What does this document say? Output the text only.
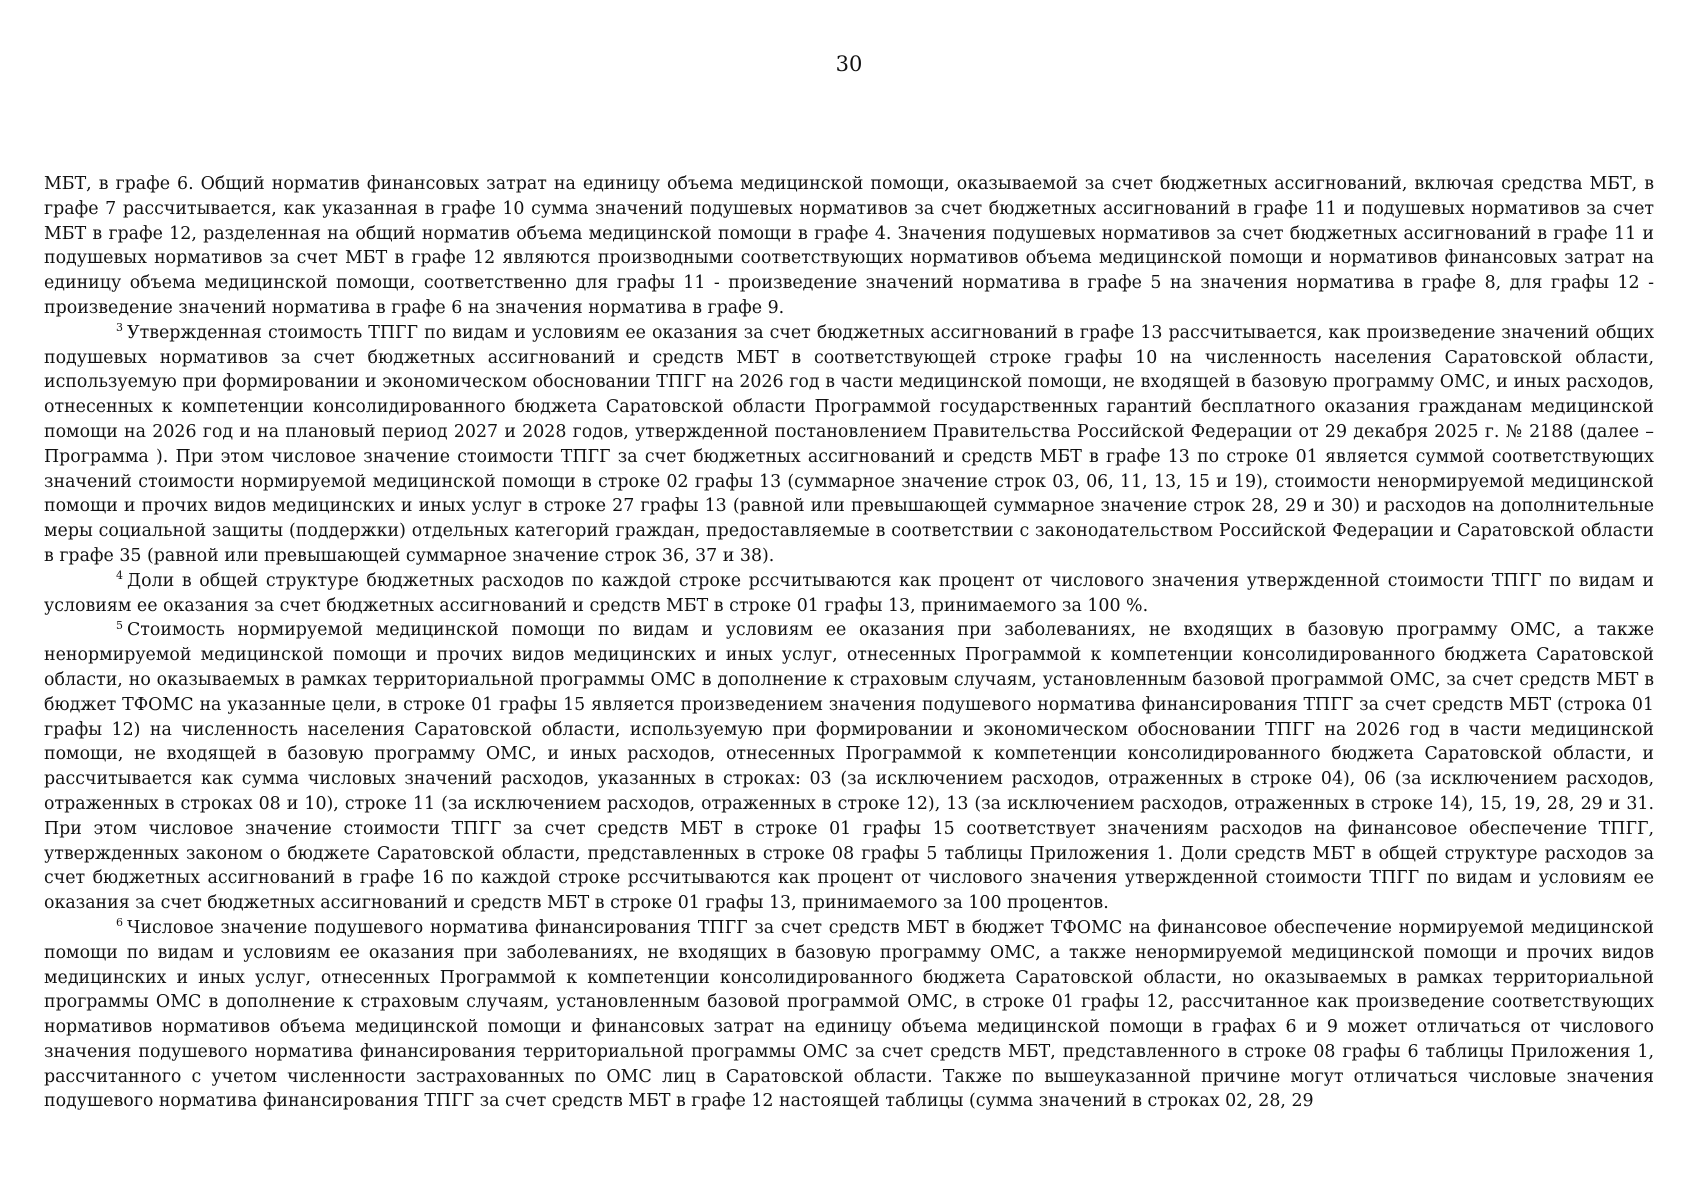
30

МБТ, в графе 6. Общий норматив финансовых затрат на единицу объема медицинской помощи, оказываемой за счет бюджетных ассигнований, включая средства МБТ, в графе 7 рассчитывается, как указанная в графе 10 сумма значений подушевых нормативов за счет бюджетных ассигнований в графе 11 и подушевых нормативов за счет МБТ в графе 12, разделенная на общий норматив объема медицинской помощи в графе 4. Значения подушевых нормативов за счет бюджетных ассигнований в графе 11 и подушевых нормативов за счет МБТ в графе 12 являются производными соответствующих нормативов объема медицинской помощи и нормативов финансовых затрат на единицу объема медицинской помощи, соответственно для графы 11 - произведение значений норматива в графе 5 на значения норматива в графе 8, для графы 12 - произведение значений норматива в графе 6 на значения норматива в графе 9.

$^3$ Утвержденная стоимость ТПГГ по видам и условиям ее оказания за счет бюджетных ассигнований в графе 13 рассчитывается, как произведение значений общих подушевых нормативов за счет бюджетных ассигнований и средств МБТ в соответствующей строке графы 10 на численность населения Саратовской области, используемую при формировании и экономическом обосновании ТПГГ на 2026 год в части медицинской помощи, не входящей в базовую программу ОМС, и иных расходов, отнесенных к компетенции консолидированного бюджета Саратовской области Программой государственных гарантий бесплатного оказания гражданам медицинской помощи на 2026 год и на плановый период 2027 и 2028 годов, утвержденной постановлением Правительства Российской Федерации от 29 декабря 2025 г. № 2188 (далее – Программа ). При этом числовое значение стоимости ТПГГ за счет бюджетных ассигнований и средств МБТ в графе 13 по строке 01 является суммой соответствующих значений стоимости нормируемой медицинской помощи в строке 02 графы 13 (суммарное значение строк 03, 06, 11, 13, 15 и 19), стоимости ненормируемой медицинской помощи и прочих видов медицинских и иных услуг в строке 27 графы 13 (равной или превышающей суммарное значение строк 28, 29 и 30) и расходов на дополнительные меры социальной защиты (поддержки) отдельных категорий граждан, предоставляемые в соответствии с законодательством Российской Федерации и Саратовской области в графе 35 (равной или превышающей суммарное значение строк 36, 37 и 38).

$^4$ Доли в общей структуре бюджетных расходов по каждой строке рссчитываются как процент от числового значения утвержденной стоимости ТПГГ по видам и условиям ее оказания за счет бюджетных ассигнований и средств МБТ в строке 01 графы 13, принимаемого за 100 %.

$^5$ Стоимость нормируемой медицинской помощи по видам и условиям ее оказания при заболеваниях, не входящих в базовую программу ОМС, а также ненормируемой медицинской помощи и прочих видов медицинских и иных услуг, отнесенных Программой к компетенции консолидированного бюджета Саратовской области, но оказываемых в рамках территориальной программы ОМС в дополнение к страховым случаям, установленным базовой программой ОМС, за счет средств МБТ в бюджет ТФОМС на указанные цели, в строке 01 графы 15 является произведением значения подушевого норматива финансирования ТПГГ за счет средств МБТ (строка 01 графы 12) на численность населения Саратовской области, используемую при формировании и экономическом обосновании ТПГГ на 2026 год в части медицинской помощи, не входящей в базовую программу ОМС, и иных расходов, отнесенных Программой к компетенции консолидированного бюджета Саратовской области, и рассчитывается как сумма числовых значений расходов, указанных в строках: 03 (за исключением расходов, отраженных в строке 04), 06 (за исключением расходов, отраженных в строках 08 и 10), строке 11 (за исключением расходов, отраженных в строке 12), 13 (за исключением расходов, отраженных в строке 14), 15, 19, 28, 29 и 31. При этом числовое значение стоимости ТПГГ за счет средств МБТ в строке 01 графы 15 соответствует значениям расходов на финансовое обеспечение ТПГГ, утвержденных законом о бюджете Саратовской области, представленных в строке 08 графы 5 таблицы Приложения 1. Доли средств МБТ в общей структуре расходов за счет бюджетных ассигнований в графе 16 по каждой строке рссчитываются как процент от числового значения утвержденной стоимости ТПГГ по видам и условиям ее оказания за счет бюджетных ассигнований и средств МБТ в строке 01 графы 13, принимаемого за 100 процентов.

$^6$ Числовое значение подушевого норматива финансирования ТПГГ за счет средств МБТ в бюджет ТФОМС на финансовое обеспечение нормируемой медицинской помощи по видам и условиям ее оказания при заболеваниях, не входящих в базовую программу ОМС, а также ненормируемой медицинской помощи и прочих видов медицинских и иных услуг, отнесенных Программой к компетенции консолидированного бюджета Саратовской области, но оказываемых в рамках территориальной программы ОМС в дополнение к страховым случаям, установленным базовой программой ОМС, в строке 01 графы 12, рассчитанное как произведение соответствующих нормативов нормативов объема медицинской помощи и финансовых затрат на единицу объема медицинской помощи в графах 6 и 9 может отличаться от числового значения подушевого норматива финансирования территориальной программы ОМС за счет средств МБТ, представленного в строке 08 графы 6 таблицы Приложения 1, рассчитанного с учетом численности застрахованных по ОМС лиц в Саратовской области. Также по вышеуказанной причине могут отличаться числовые значения подушевого норматива финансирования ТПГГ за счет средств МБТ в графе 12 настоящей таблицы (сумма значений в строках 02, 28, 29
